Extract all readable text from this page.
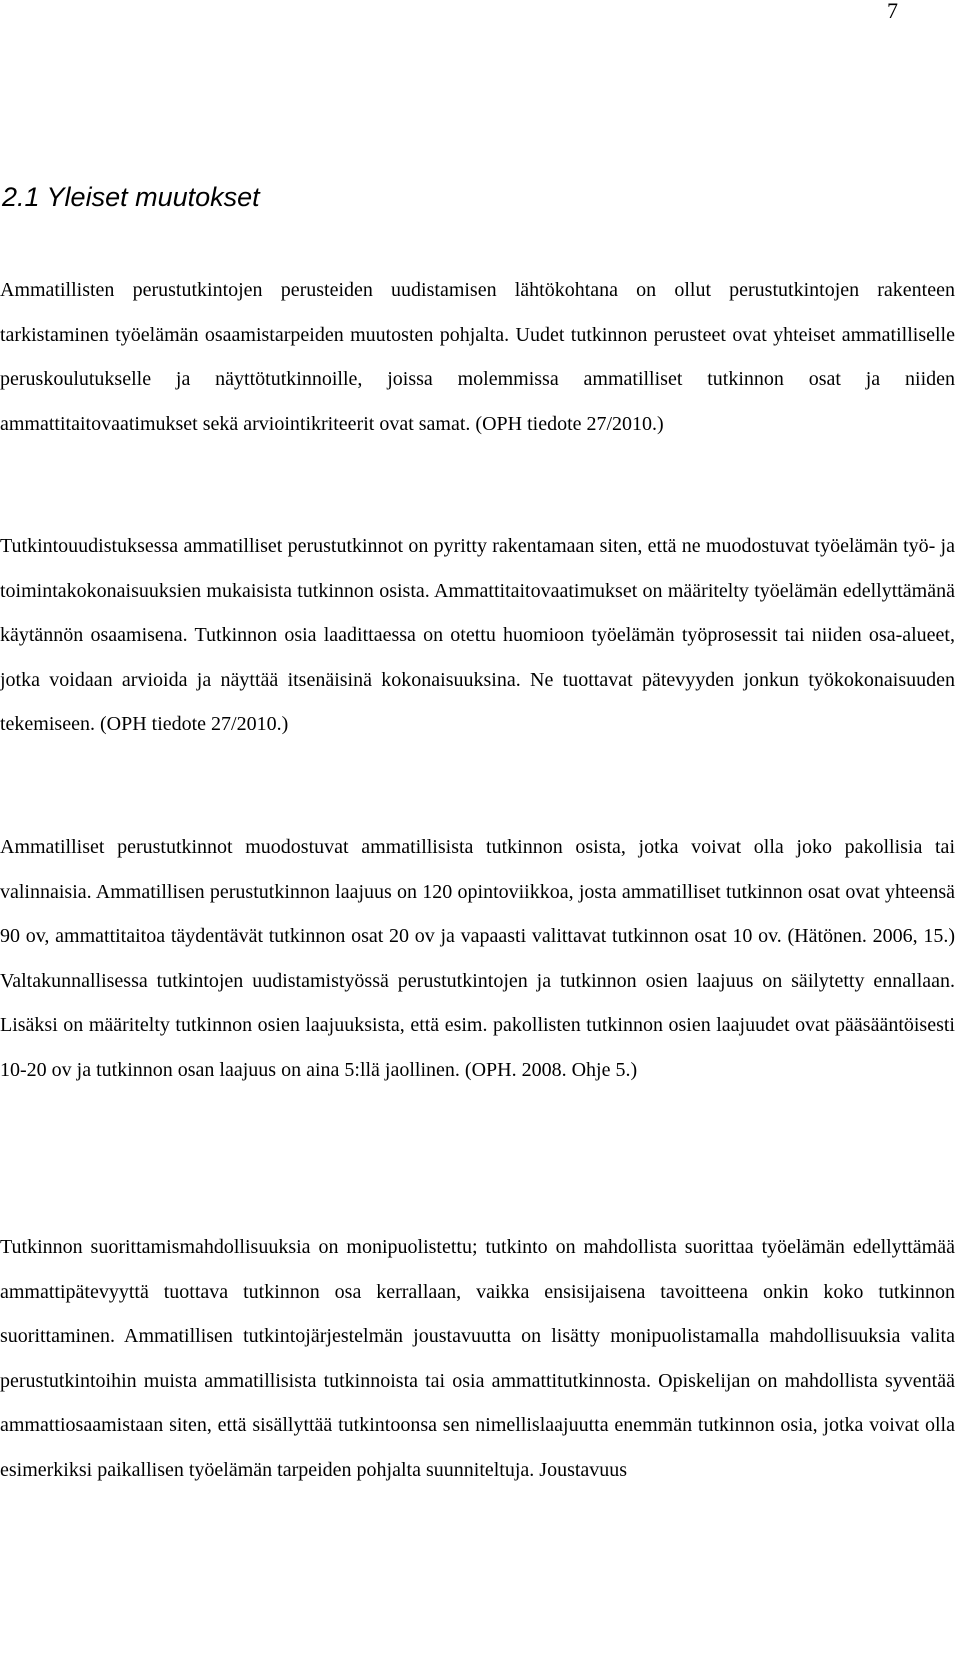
7
2.1 Yleiset muutokset

Ammatillisten perustutkintojen perusteiden uudistamisen lähtökohtana on ollut perustutkintojen rakenteen tarkistaminen työelämän osaamistarpeiden muutosten pohjalta. Uudet tutkinnon perusteet ovat yhteiset ammatilliselle peruskoulutukselle ja näyttötutkinnoille, joissa molemmissa ammatilliset tutkinnon osat ja niiden ammattitaitovaatimukset sekä arviointikriteerit ovat samat. (OPH tiedote 27/2010.)

Tutkintouudistuksessa ammatilliset perustutkinnot on pyritty rakentamaan siten, että ne muodostuvat työelämän työ- ja toimintakokonaisuuksien mukaisista tutkinnon osista. Ammattitaitovaatimukset on määritelty työelämän edellyttämänä käytännön osaamisena. Tutkinnon osia laadittaessa on otettu huomioon työelämän työprosessit tai niiden osa-alueet, jotka voidaan arvioida ja näyttää itsenäisinä kokonaisuuksina. Ne tuottavat pätevyyden jonkun työkokonaisuuden tekemiseen. (OPH tiedote 27/2010.)

Ammatilliset perustutkinnot muodostuvat ammatillisista tutkinnon osista, jotka voivat olla joko pakollisia tai valinnaisia. Ammatillisen perustutkinnon laajuus on 120 opintoviikkoa, josta ammatilliset tutkinnon osat ovat yhteensä 90 ov, ammattitaitoa täydentävät tutkinnon osat 20 ov ja vapaasti valittavat tutkinnon osat 10 ov. (Hätönen. 2006, 15.) Valtakunnallisessa tutkintojen uudistamistyössä perustutkintojen ja tutkinnon osien laajuus on säilytetty ennallaan. Lisäksi on määritelty tutkinnon osien laajuuksista, että esim. pakollisten tutkinnon osien laajuudet ovat pääsääntöisesti 10-20 ov ja tutkinnon osan laajuus on aina 5:llä jaollinen. (OPH. 2008. Ohje 5.)

Tutkinnon suorittamismahdollisuuksia on monipuolistettu; tutkinto on mahdollista suorittaa työelämän edellyttämää ammattipätevyyttä tuottava tutkinnon osa kerrallaan, vaikka ensisijaisena tavoitteena onkin koko tutkinnon suorittaminen. Ammatillisen tutkintojärjestelmän joustavuutta on lisätty monipuolistamalla mahdollisuuksia valita perustutkintoihin muista ammatillisista tutkinnoista tai osia ammattitutkinnosta. Opiskelijan on mahdollista syventää ammattiosaamistaan siten, että sisällyttää tutkintoonsa sen nimellislaajuutta enemmän tutkinnon osia, jotka voivat olla esimerkiksi paikallisen työelämän tarpeiden pohjalta suunniteltuja. Joustavuus
